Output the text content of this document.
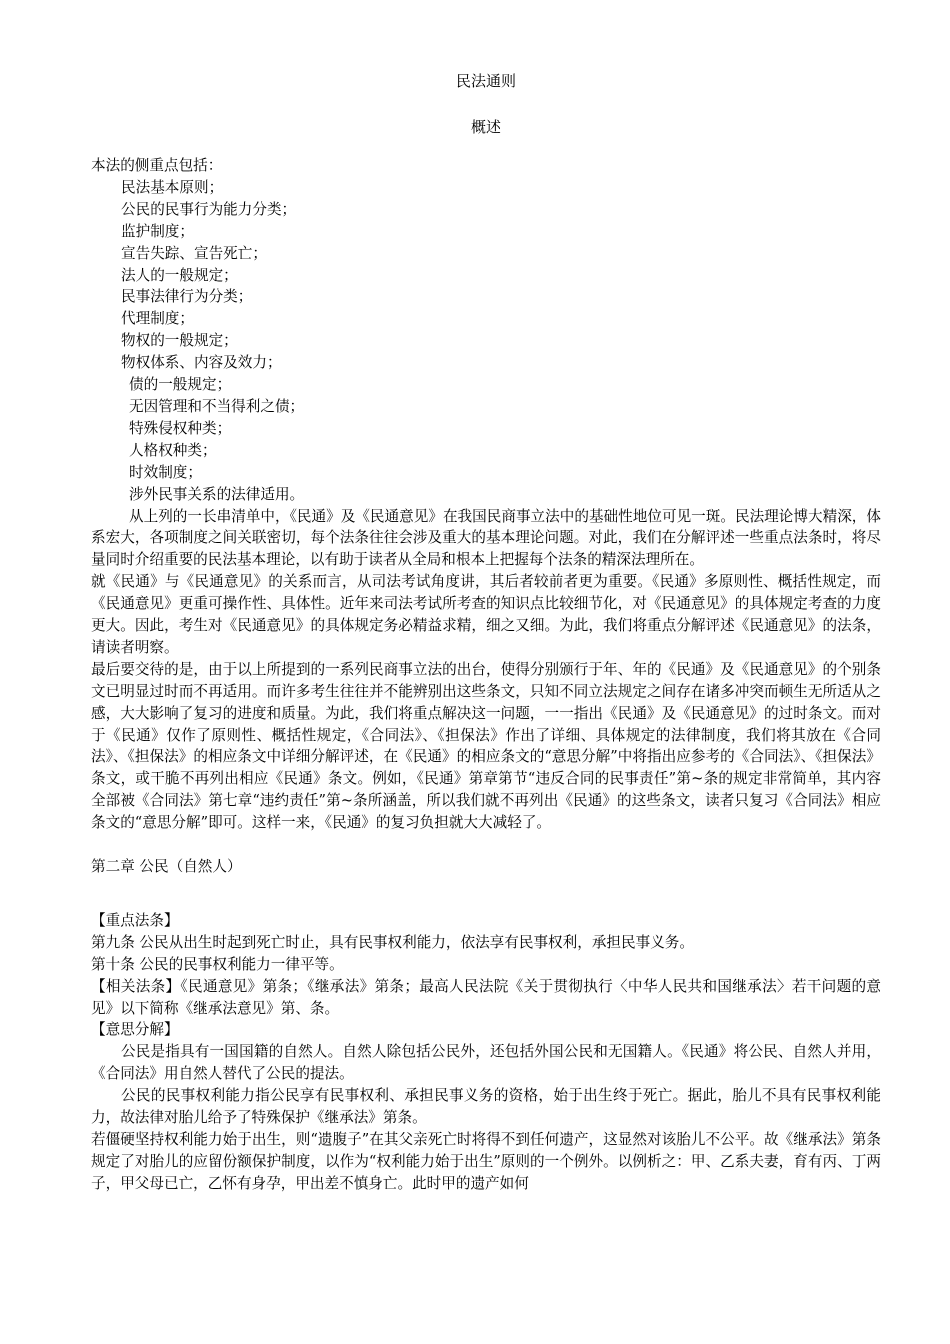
民法通则
概述
本法的侧重点包括：
民法基本原则；
公民的民事行为能力分类；
监护制度；
宣告失踪、宣告死亡；
法人的一般规定；
民事法律行为分类；
代理制度；
物权的一般规定；
物权体系、内容及效力；
债的一般规定；
无因管理和不当得利之债；
特殊侵权种类；
人格权种类；
时效制度；
涉外民事关系的法律适用。
从上列的一长串清单中，《民通》及《民通意见》在我国民商事立法中的基础性地位可见一斑。民法理论博大精深，体系宏大，各项制度之间关联密切，每个法条往往会涉及重大的基本理论问题。对此，我们在分解评述一些重点法条时，将尽量同时介绍重要的民法基本理论，以有助于读者从全局和根本上把握每个法条的精深法理所在。
就《民通》与《民通意见》的关系而言，从司法考试角度讲，其后者较前者更为重要。《民通》多原则性、概括性规定，而《民通意见》更重可操作性、具体性。近年来司法考试所考查的知识点比较细节化，对《民通意见》的具体规定考查的力度更大。因此，考生对《民通意见》的具体规定务必精益求精，细之又细。为此，我们将重点分解评述《民通意见》的法条，请读者明察。
最后要交待的是，由于以上所提到的一系列民商事立法的出台，使得分别颁行于年、年的《民通》及《民通意见》的个别条文已明显过时而不再适用。而许多考生往往并不能辨别出这些条文，只知不同立法规定之间存在诸多冲突而顿生无所适从之感，大大影响了复习的进度和质量。为此，我们将重点解决这一问题，一一指出《民通》及《民通意见》的过时条文。而对于《民通》仅作了原则性、概括性规定，《合同法》、《担保法》作出了详细、具体规定的法律制度，我们将其放在《合同法》、《担保法》的相应条文中详细分解评述，在《民通》的相应条文的“意思分解”中将指出应参考的《合同法》、《担保法》条文，或干脆不再列出相应《民通》条文。例如，《民通》第章第节“违反合同的民事责任”第~条的规定非常简单，其内容全部被《合同法》第七章“违约责任”第~条所涵盖，所以我们就不再列出《民通》的这些条文，读者只复习《合同法》相应条文的“意思分解”即可。这样一来，《民通》的复习负担就大大减轻了。
第二章 公民（自然人）
【重点法条】
第九条 公民从出生时起到死亡时止，具有民事权利能力，依法享有民事权利，承担民事义务。
第十条 公民的民事权利能力一律平等。
【相关法条】《民通意见》第条；《继承法》第条；最高人民法院《关于贯彻执行〈中华人民共和国继承法〉若干问题的意见》以下简称《继承法意见》第、条。
【意思分解】
公民是指具有一国国籍的自然人。自然人除包括公民外，还包括外国公民和无国籍人。《民通》将公民、自然人并用，《合同法》用自然人替代了公民的提法。
公民的民事权利能力指公民享有民事权利、承担民事义务的资格，始于出生终于死亡。据此，胎儿不具有民事权利能力，故法律对胎儿给予了特殊保护《继承法》第条。
若僵硬坚持权利能力始于出生，则“遗腹子”在其父亲死亡时将得不到任何遗产，这显然对该胎儿不公平。故《继承法》第条规定了对胎儿的应留份额保护制度，以作为“权利能力始于出生”原则的一个例外。以例析之：甲、乙系夫妻，育有丙、丁两子，甲父母已亡，乙怀有身孕，甲出差不慎身亡。此时甲的遗产如何
